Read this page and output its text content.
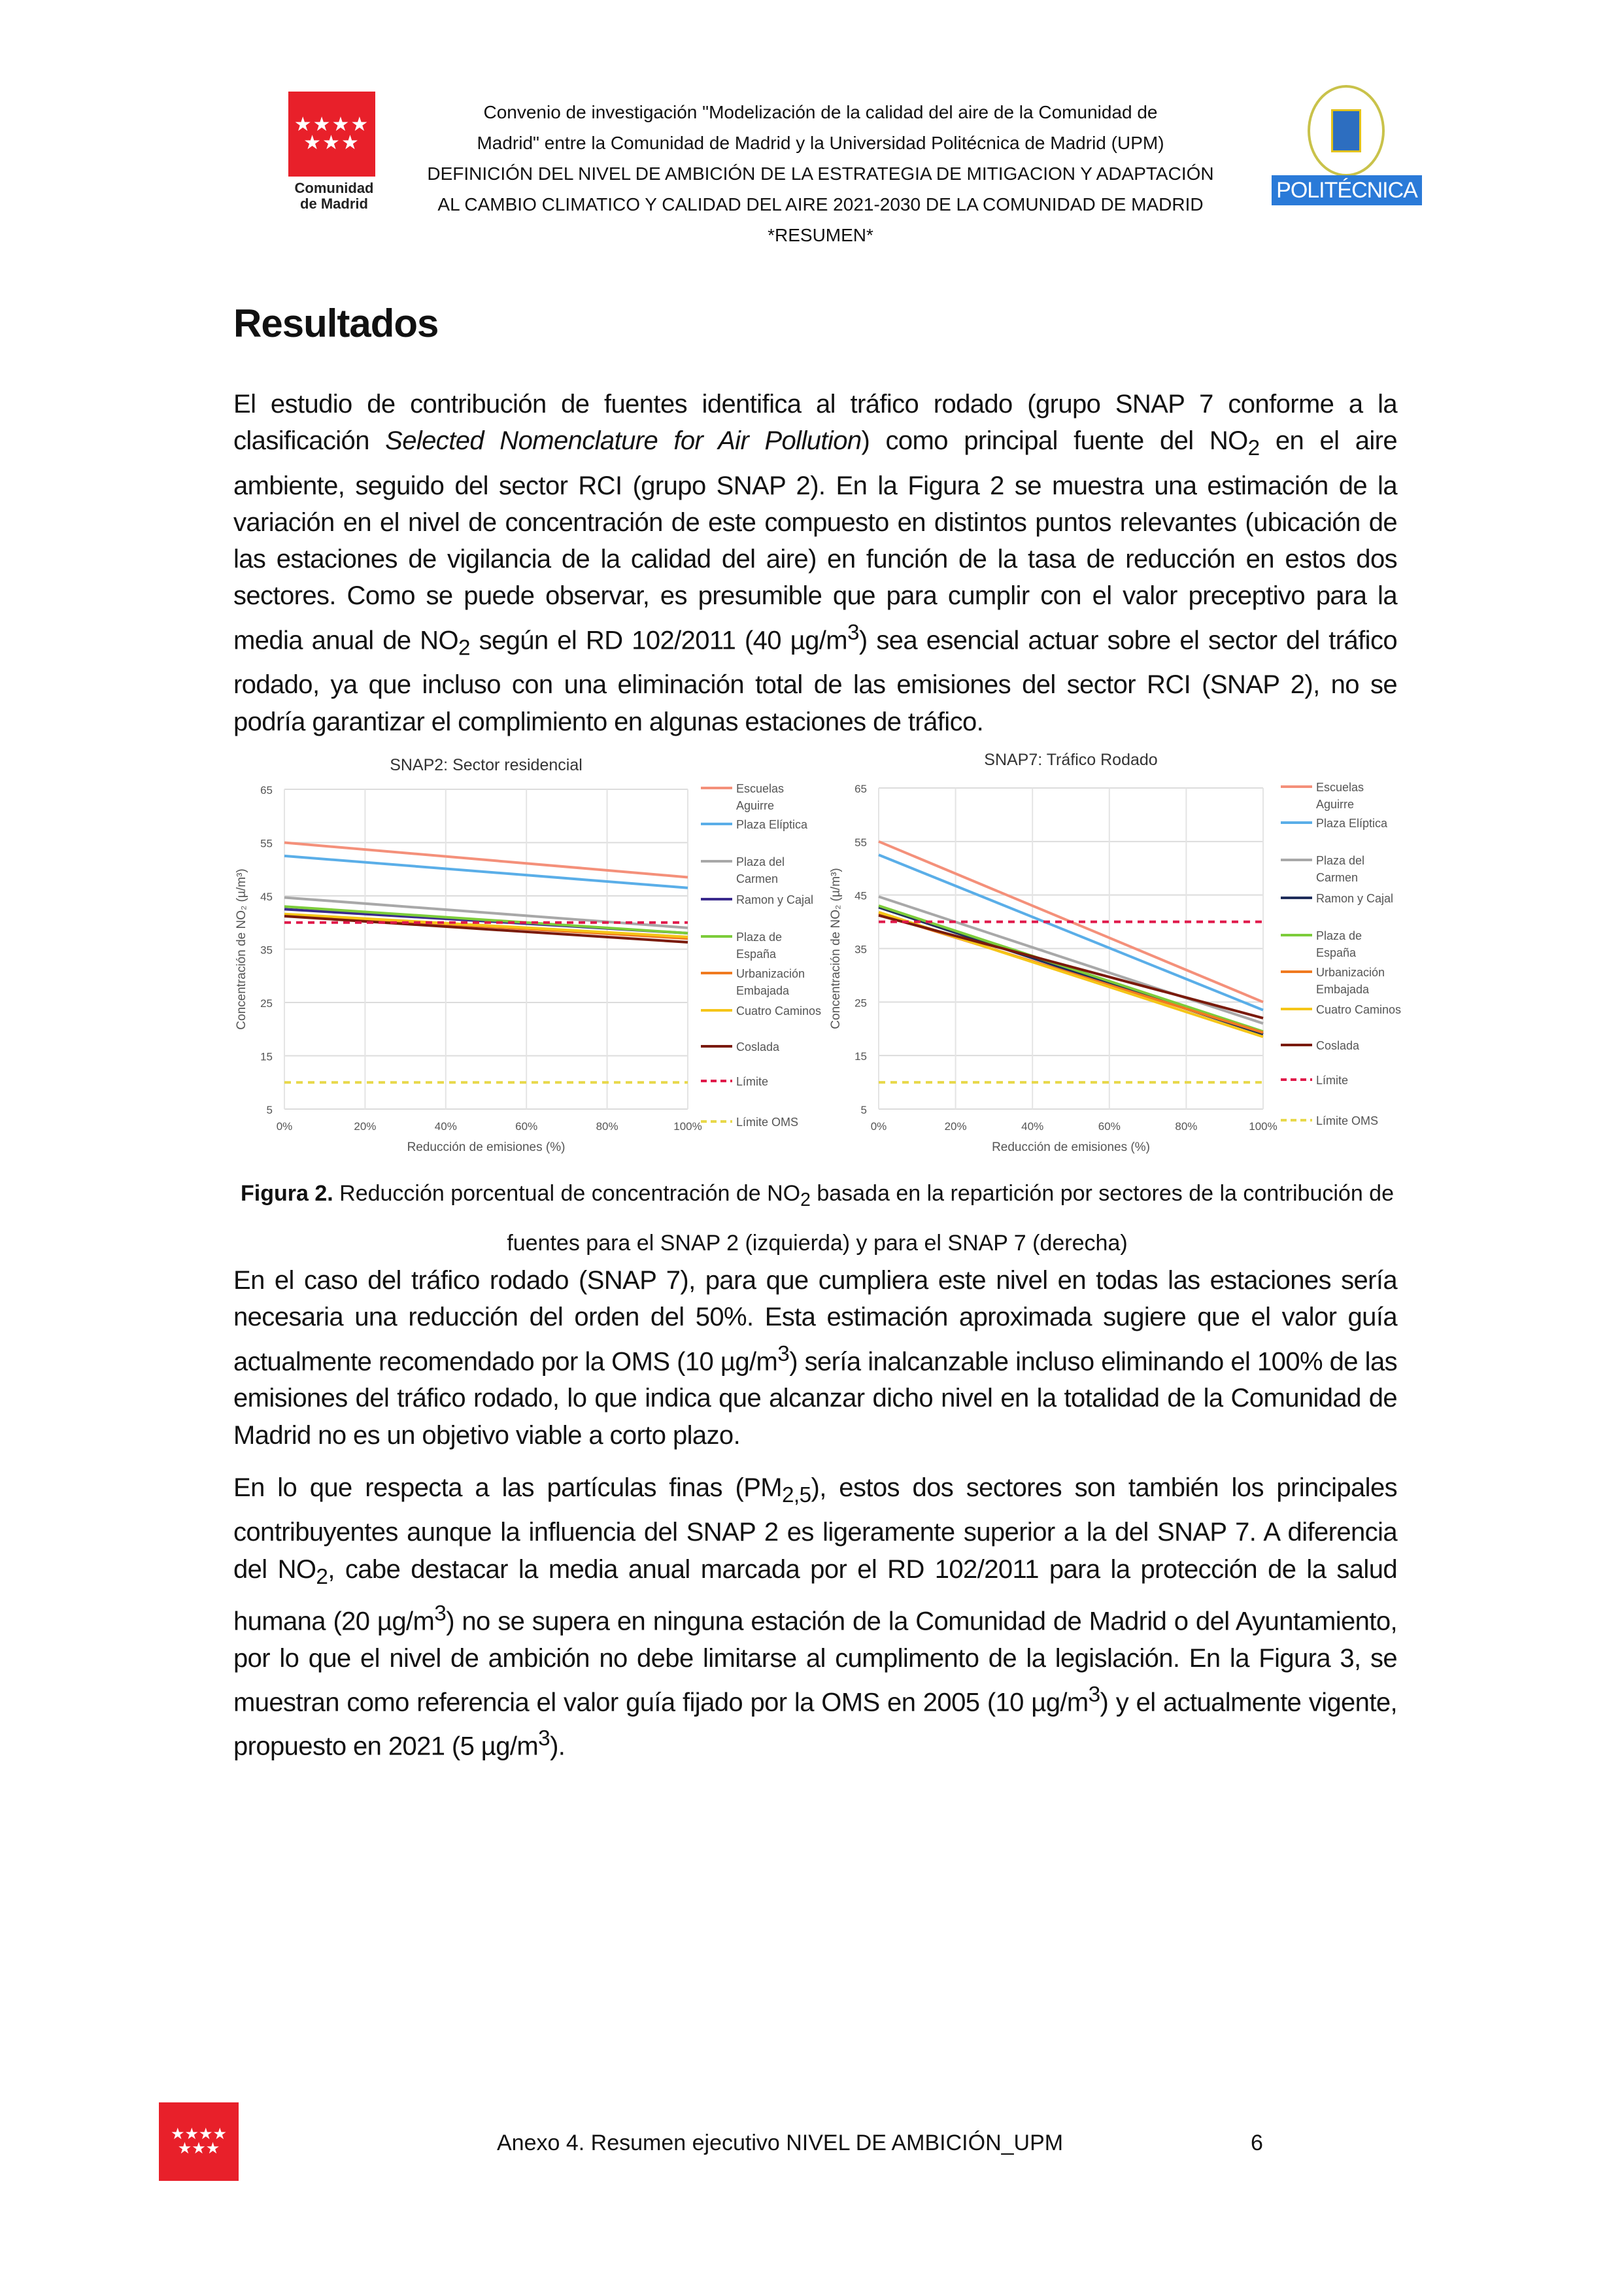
★★★★
★★★
Comunidad de Madrid
Convenio de investigación "Modelización de la calidad del aire de la Comunidad de
Madrid" entre la Comunidad de Madrid y la Universidad Politécnica de Madrid (UPM)
DEFINICIÓN DEL NIVEL DE AMBICIÓN DE LA ESTRATEGIA DE MITIGACION Y ADAPTACIÓN
AL CAMBIO CLIMATICO Y CALIDAD DEL AIRE 2021-2030 DE LA COMUNIDAD DE MADRID
*RESUMEN*
POLITÉCNICA
Resultados
El estudio de contribución de fuentes identifica al tráfico rodado (grupo SNAP 7 conforme a la clasificación Selected Nomenclature for Air Pollution) como principal fuente del $NO_2$ en el aire ambiente, seguido del sector RCI (grupo SNAP 2). En la Figura 2 se muestra una estimación de la variación en el nivel de concentración de este compuesto en distintos puntos relevantes (ubicación de las estaciones de vigilancia de la calidad del aire) en función de la tasa de reducción en estos dos sectores. Como se puede observar, es presumible que para cumplir con el valor preceptivo para la media anual de $NO_2$ según el RD 102/2011 (40 $\mu g/m^3$) sea esencial actuar sobre el sector del tráfico rodado, ya que incluso con una eliminación total de las emisiones del sector RCI (SNAP 2), no se podría garantizar el complimiento en algunas estaciones de tráfico.
SNAP2: Sector residencial
5
15
25
35
45
55
65
0%	20%	40%	60%	80%	100%
Reducción de emisiones (%)
Concentración de NO₂ (µ/m³)
Escuelas
Aguirre
Plaza Elíptica
Plaza del
Carmen
Ramon y Cajal
Plaza de
España
Urbanización
Embajada
Cuatro Caminos
Coslada
Límite
Límite OMS
SNAP7: Tráfico Rodado
5
15
25
35
45
55
65
0%	20%	40%	60%	80%	100%
Reducción de emisiones (%)
Concentración de NO₂ (µ/m³)
Escuelas
Aguirre
Plaza Elíptica
Plaza del
Carmen
Ramon y Cajal
Plaza de
España
Urbanización
Embajada
Cuatro Caminos
Coslada
Límite
Límite OMS
Figura 2. Reducción porcentual de concentración de $NO_2$ basada en la repartición por sectores de la contribución de fuentes para el SNAP 2 (izquierda) y para el SNAP 7 (derecha)
En el caso del tráfico rodado (SNAP 7), para que cumpliera este nivel en todas las estaciones sería necesaria una reducción del orden del 50%. Esta estimación aproximada sugiere que el valor guía actualmente recomendado por la OMS (10 $\mu g/m^3$) sería inalcanzable incluso eliminando el 100% de las emisiones del tráfico rodado, lo que indica que alcanzar dicho nivel en la totalidad de la Comunidad de Madrid no es un objetivo viable a corto plazo.
En lo que respecta a las partículas finas $(PM_{2,5})$, estos dos sectores son también los principales contribuyentes aunque la influencia del SNAP 2 es ligeramente superior a la del SNAP 7. A diferencia del $NO_2$, cabe destacar la media anual marcada por el RD 102/2011 para la protección de la salud humana (20 $\mu g/m^3$) no se supera en ninguna estación de la Comunidad de Madrid o del Ayuntamiento, por lo que el nivel de ambición no debe limitarse al cumplimento de la legislación. En la Figura 3, se muestran como referencia el valor guía fijado por la OMS en 2005 (10 $\mu g/m^3$) y el actualmente vigente, propuesto en 2021 (5 $\mu g/m^3$).
★★★★
★★★	Anexo 4. Resumen ejecutivo NIVEL DE AMBICIÓN_UPM	6
